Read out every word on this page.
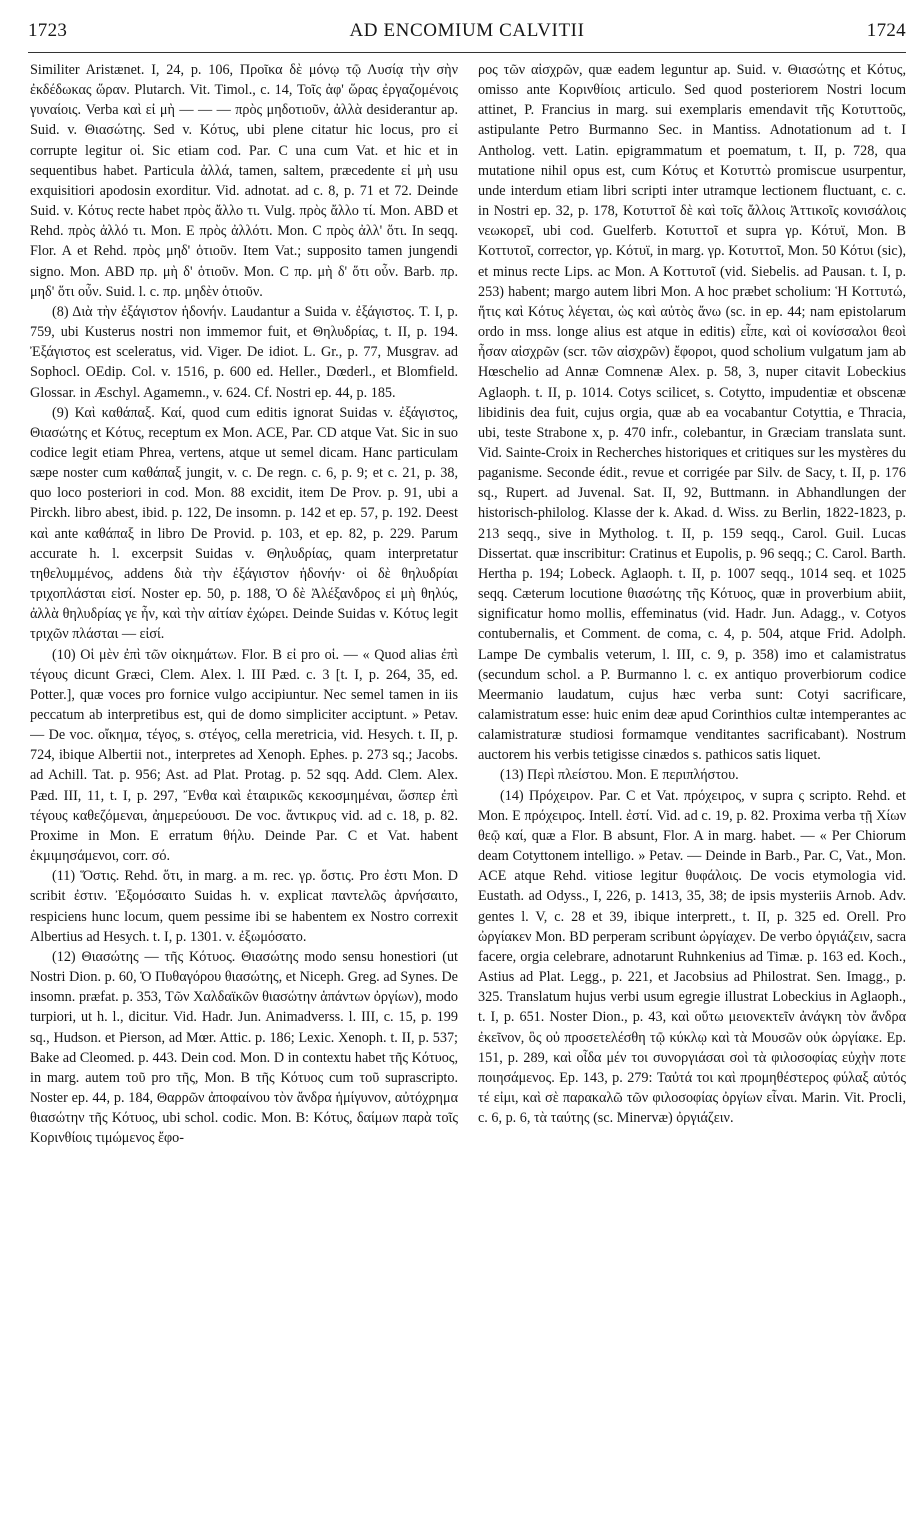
1723	AD ENCOMIUM CALVITII	1724

Similiter Aristænet. I, 24, p. 106, Προῖκα δὲ μόνῳ τῷ Λυσίᾳ τὴν σὴν ἐκδέδωκας ὥραν. Plutarch. Vit. Timol., c. 14, Τοῖς ἀφ' ὥρας ἐργαζομένοις γυναίοις. Verba καὶ εἰ μὴ — — — πρὸς μηδοτιοῦν, ἀλλὰ desiderantur ap. Suid. v. Θιασώτης. Sed v. Κότυς, ubi plene citatur hic locus, pro εἰ corrupte legitur οἱ. Sic etiam cod. Par. C una cum Vat. et hic et in sequentibus habet. Particula ἀλλά, tamen, saltem, præcedente εἰ μὴ usu exquisitiori apodosin exorditur. Vid. adnotat. ad c. 8, p. 71 et 72. Deinde Suid. v. Κότυς recte habet πρὸς ἄλλο τι. Vulg. πρὸς ἄλλο τί. Mon. ABD et Rehd. πρὸς ἀλλό τι. Mon. E πρὸς ἀλλότι. Mon. C πρὸς ἀλλ' ὅτι. In seqq. Flor. A et Rehd. πρὸς μηδ' ὁτιοῦν. Item Vat.; supposito tamen jungendi signo. Mon. ABD πρ. μὴ δ' ὁτιοῦν. Mon. C πρ. μὴ δ' ὅτι οὖν. Barb. πρ. μηδ' ὅτι οὖν. Suid. l. c. πρ. μηδὲν ὁτιοῦν.

(8) Διὰ τὴν ἐξάγιστον ἡδονήν. Laudantur a Suida v. ἐξάγιστος. T. I, p. 759, ubi Kusterus nostri non immemor fuit, et Θηλυδρίας, t. II, p. 194. Ἐξάγιστος est sceleratus, vid. Viger. De idiot. L. Gr., p. 77, Musgrav. ad Sophocl. OEdip. Col. v. 1516, p. 600 ed. Heller., Dœderl., et Blomfield. Glossar. in Æschyl. Agamemn., v. 624. Cf. Nostri ep. 44, p. 185.

(9) Καὶ καθάπαξ. Καί, quod cum editis ignorat Suidas v. ἐξάγιστος, Θιασώτης et Κότυς, receptum ex Mon. ACE, Par. CD atque Vat. Sic in suo codice legit etiam Phrea, vertens, atque ut semel dicam. Hanc particulam sæpe noster cum καθάπαξ jungit, v. c. De regn. c. 6, p. 9; et c. 21, p. 38, quo loco posteriori in cod. Mon. 88 excidit, item De Prov. p. 91, ubi a Pirckh. libro abest, ibid. p. 122, De insomn. p. 142 et ep. 57, p. 192. Deest καὶ ante καθάπαξ in libro De Provid. p. 103, et ep. 82, p. 229. Parum accurate h. l. excerpsit Suidas v. Θηλυδρίας, quam interpretatur τηθελυμμένος, addens διὰ τὴν ἐξάγιστον ἡδονήν· οἱ δὲ θηλυδρίαι τριχοπλάσται εἰσί. Noster ep. 50, p. 188, Ὁ δὲ Ἀλέξανδρος εἰ μὴ θηλύς, ἀλλὰ θηλυδρίας γε ἦν, καὶ τὴν αἰτίαν ἐχώρει. Deinde Suidas v. Κότυς legit τριχῶν πλάσται — εἰσί.

(10) Οἱ μὲν ἐπὶ τῶν οἰκημάτων. Flor. B εἰ pro οἱ. — « Quod alias ἐπὶ τέγους dicunt Græci, Clem. Alex. l. III Pæd. c. 3 [t. I, p. 264, 35, ed. Potter.], quæ voces pro fornice vulgo accipiuntur. Nec semel tamen in iis peccatum ab interpretibus est, qui de domo simpliciter acciptunt. » Petav. — De voc. οἴκημα, τέγος, s. στέγος, cella meretricia, vid. Hesych. t. II, p. 724, ibique Albertii not., interpretes ad Xenoph. Ephes. p. 273 sq.; Jacobs. ad Achill. Tat. p. 956; Ast. ad Plat. Protag. p. 52 sqq. Add. Clem. Alex. Pæd. III, 11, t. I, p. 297, Ἔνθα καὶ ἑταιρικῶς κεκοσμημέναι, ὥσπερ ἐπὶ τέγους καθεζόμεναι, ἀημερεύουσι. De voc. ἄντικρυς vid. ad c. 18, p. 82. Proxime in Mon. E erratum θήλυ. Deinde Par. C et Vat. habent ἐκμιμησάμενοι, corr. σό.

(11) Ὅστις. Rehd. ὅτι, in marg. a m. rec. γρ. ὅστις. Pro ἐστι Mon. D scribit ἐστιν. Ἐξομόσαιτο Suidas h. v. explicat παντελῶς ἀρνήσαιτο, respiciens hunc locum, quem pessime ibi se habentem ex Nostro correxit Albertius ad Hesych. t. I, p. 1301. v. ἐξωμόσατο.

(12) Θιασώτης — τῆς Κότυος. Θιασώτης modo sensu honestiori (ut Nostri Dion. p. 60, Ὁ Πυθαγόρου θιασώτης, et Niceph. Greg. ad Synes. De insomn. præfat. p. 353, Τῶν Χαλδαϊκῶν θιασώτην ἁπάντων ὀργίων), modo turpiori, ut h. l., dicitur. Vid. Hadr. Jun. Animadverss. l. III, c. 15, p. 199 sq., Hudson. et Pierson, ad Mœr. Attic. p. 186; Lexic. Xenoph. t. II, p. 537; Bake ad Cleomed. p. 443. Dein cod. Mon. D in contextu habet τῆς Κότυος, in marg. autem τοῦ pro τῆς, Mon. B τῆς Κότυος cum τοῦ suprascripto. Noster ep. 44, p. 184, Θαρρῶν ἀποφαίνου τὸν ἄνδρα ἡμίγυνον, αὐτόχρημα θιασώτην τῆς Κότυος, ubi schol. codic. Mon. B: Κότυς, δαίμων παρὰ τοῖς Κορινθίοις τιμώμενος ἔφο-

ρος τῶν αἰσχρῶν, quæ eadem leguntur ap. Suid. v. Θιασώτης et Κότυς, omisso ante Κορινθίοις articulo. Sed quod posteriorem Nostri locum attinet, P. Francius in marg. sui exemplaris emendavit τῆς Κοτυττοῦς, astipulante Petro Burmanno Sec. in Mantiss. Adnotationum ad t. I Antholog. vett. Latin. epigrammatum et poematum, t. II, p. 728, qua mutatione nihil opus est, cum Κότυς et Κοτυττὼ promiscue usurpentur, unde interdum etiam libri scripti inter utramque lectionem fluctuant, c. c. in Nostri ep. 32, p. 178, Κοτυττοῖ δὲ καὶ τοῖς ἄλλοις Ἀττικοῖς κονισάλοις νεωκορεῖ, ubi cod. Guelferb. Κοτυττοῖ et supra γρ. Κότυϊ, Mon. B Κοττυτοῖ, corrector, γρ. Κότυϊ, in marg. γρ. Κοτυττοῖ, Mon. 50 Κότυι (sic), et minus recte Lips. ac Mon. A Κοττυτοῖ (vid. Siebelis. ad Pausan. t. I, p. 253) habent; margo autem libri Mon. A hoc præbet scholium: Ἡ Κοττυτώ, ἥτις καὶ Κότυς λέγεται, ὡς καὶ αὐτὸς ἄνω (sc. in ep. 44; nam epistolarum ordo in mss. longe alius est atque in editis) εἶπε, καὶ οἱ κονίσσαλοι θεοὶ ἦσαν αἰσχρῶν (scr. τῶν αἰσχρῶν) ἔφοροι, quod scholium vulgatum jam ab Hœschelio ad Annæ Comnenæ Alex. p. 58, 3, nuper citavit Lobeckius Aglaoph. t. II, p. 1014. Cotys scilicet, s. Cotytto, impudentiæ et obscenæ libidinis dea fuit, cujus orgia, quæ ab ea vocabantur Cotyttia, e Thracia, ubi, teste Strabone x, p. 470 infr., colebantur, in Græciam translata sunt. Vid. Sainte-Croix in Recherches historiques et critiques sur les mystères du paganisme. Seconde édit., revue et corrigée par Silv. de Sacy, t. II, p. 176 sq., Rupert. ad Juvenal. Sat. II, 92, Buttmann. in Abhandlungen der historisch-philolog. Klasse der k. Akad. d. Wiss. zu Berlin, 1822-1823, p. 213 seqq., sive in Mytholog. t. II, p. 159 seqq., Carol. Guil. Lucas Dissertat. quæ inscribitur: Cratinus et Eupolis, p. 96 seqq.; C. Carol. Barth. Hertha p. 194; Lobeck. Aglaoph. t. II, p. 1007 seqq., 1014 seq. et 1025 seqq. Cæterum locutione θιασώτης τῆς Κότυος, quæ in proverbium abiit, significatur homo mollis, effeminatus (vid. Hadr. Jun. Adagg., v. Cotyos contubernalis, et Comment. de coma, c. 4, p. 504, atque Frid. Adolph. Lampe De cymbalis veterum, l. III, c. 9, p. 358) imo et calamistratus (secundum schol. a P. Burmanno l. c. ex antiquo proverbiorum codice Meermanio laudatum, cujus hæc verba sunt: Cotyi sacrificare, calamistratum esse: huic enim deæ apud Corinthios cultæ intemperantes ac calamistraturæ studiosi formamque venditantes sacrificabant). Nostrum auctorem his verbis tetigisse cinædos s. pathicos satis liquet.

(13) Περὶ πλείστου. Mon. E περιπλήστου.

(14) Πρόχειρον. Par. C et Vat. πρόχειρος, v supra ς scripto. Rehd. et Mon. E πρόχειρος. Intell. ἐστί. Vid. ad c. 19, p. 82. Proxima verba τῇ Χίων θεῷ καί, quæ a Flor. B absunt, Flor. A in marg. habet. — « Per Chiorum deam Cotyttonem intelligo. » Petav. — Deinde in Barb., Par. C, Vat., Mon. ACE atque Rehd. vitiose legitur θυφάλοις. De vocis etymologia vid. Eustath. ad Odyss., I, 226, p. 1413, 35, 38; de ipsis mysteriis Arnob. Adv. gentes l. V, c. 28 et 39, ibique interprett., t. II, p. 325 ed. Orell. Pro ὠργίακεν Mon. BD perperam scribunt ὠργίαχεν. De verbo ὀργιάζειν, sacra facere, orgia celebrare, adnotarunt Ruhnkenius ad Timæ. p. 163 ed. Koch., Astius ad Plat. Legg., p. 221, et Jacobsius ad Philostrat. Sen. Imagg., p. 325. Translatum hujus verbi usum egregie illustrat Lobeckius in Aglaoph., t. I, p. 651. Noster Dion., p. 43, καὶ οὕτω μειονεκτεῖν ἀνάγκη τὸν ἄνδρα ἐκεῖνον, ὃς οὐ προσετελέσθη τῷ κύκλῳ καὶ τὰ Μουσῶν οὐκ ὠργίακε. Ep. 151, p. 289, καὶ οἶδα μέν τοι συνοργιάσαι σοὶ τὰ φιλοσοφίας εὐχὴν ποτε ποιησάμενος. Ep. 143, p. 279: Ταὐτά τοι καὶ προμηθέστερος φύλαξ αὐτός τέ εἰμι, καὶ σὲ παρακαλῶ τῶν φιλοσοφίας ὀργίων εἶναι. Marin. Vit. Procli, c. 6, p. 6, τὰ ταύτης (sc. Minervæ) ὀργιάζειν.
